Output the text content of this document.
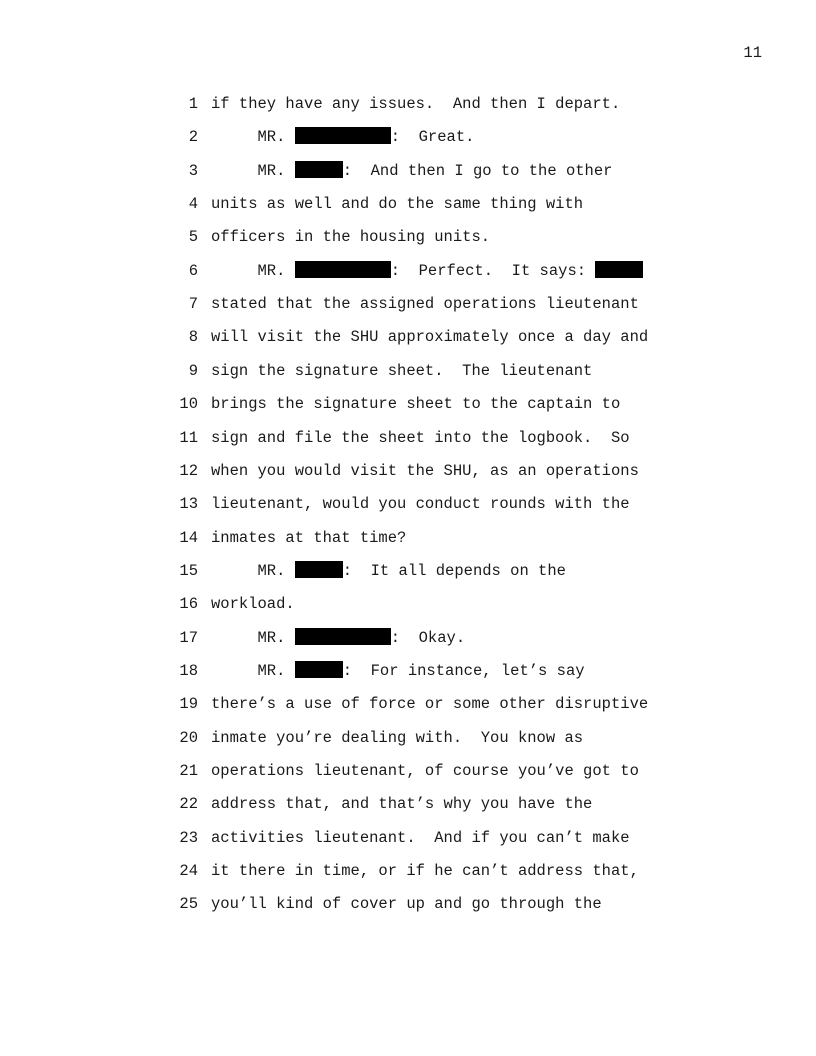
11
1 if they have any issues.  And then I depart.
2     MR.	:  Great.
3     MR.	:  And then I go to the other
4 units as well and do the same thing with
5 officers in the housing units.
6     MR.	:  Perfect.  It says:
7 stated that the assigned operations lieutenant
8 will visit the SHU approximately once a day and
9 sign the signature sheet.  The lieutenant
10 brings the signature sheet to the captain to
11 sign and file the sheet into the logbook.  So
12 when you would visit the SHU, as an operations
13 lieutenant, would you conduct rounds with the
14 inmates at that time?
15     MR.	:  It all depends on the
16 workload.
17     MR.	:  Okay.
18     MR.	:  For instance, let’s say
19 there’s a use of force or some other disruptive
20 inmate you’re dealing with.  You know as
21 operations lieutenant, of course you’ve got to
22 address that, and that’s why you have the
23 activities lieutenant.  And if you can’t make
24 it there in time, or if he can’t address that,
25 you’ll kind of cover up and go through the
